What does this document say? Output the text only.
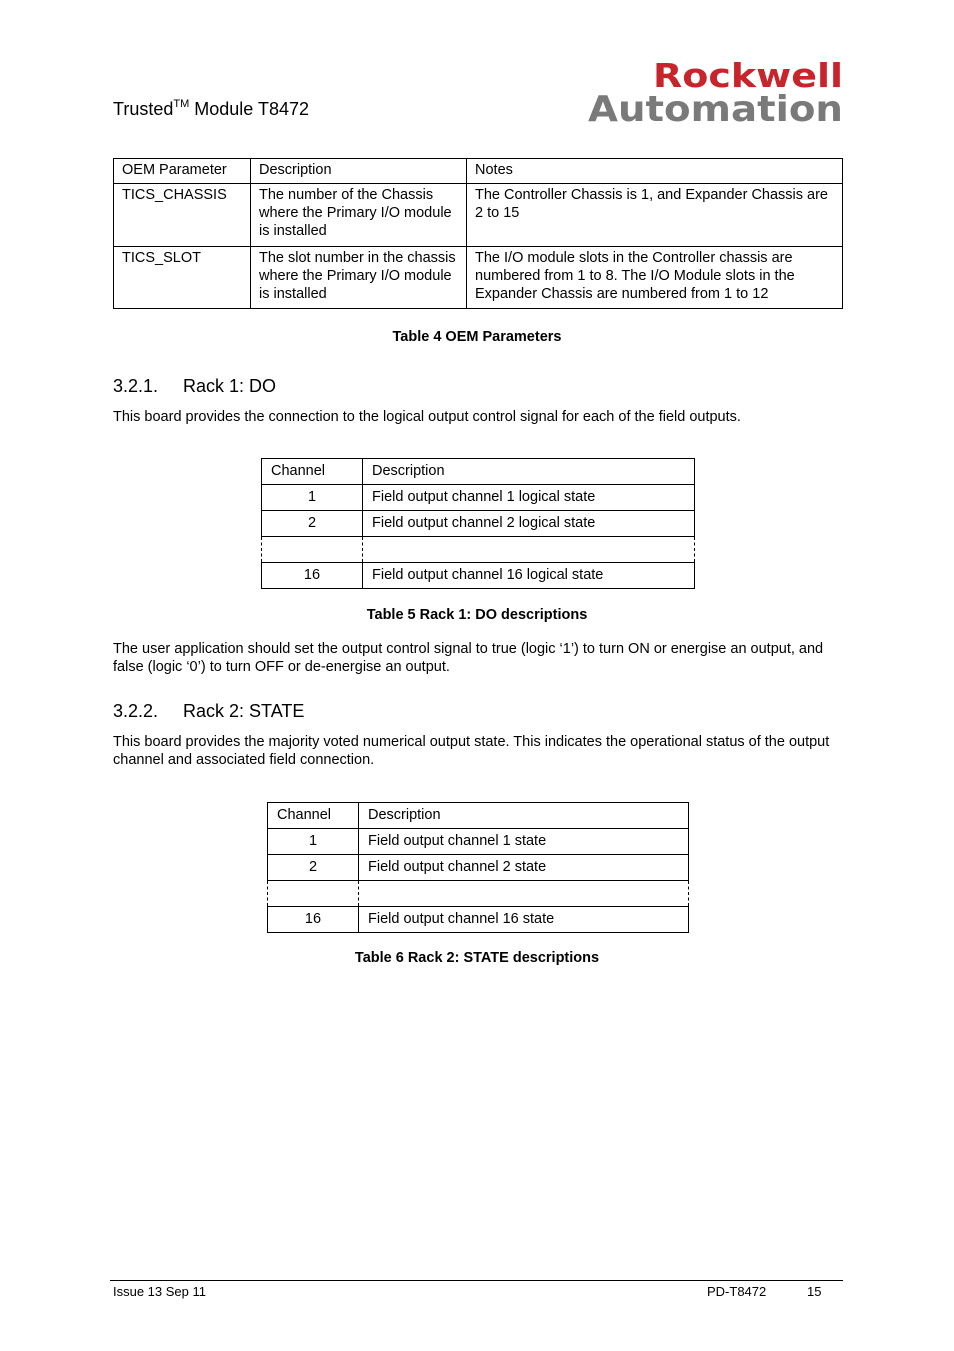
Trusted™ Module T8472
Rockwell
Automation
OEM Parameter	Description	Notes
TICS_CHASSIS	The number of the Chassis where the Primary I/O module is installed	The Controller Chassis is 1, and Expander Chassis are 2 to 15
TICS_SLOT	The slot number in the chassis where the Primary I/O module is installed	The I/O module slots in the Controller chassis are numbered from 1 to 8. The I/O Module slots in the Expander Chassis are numbered from 1 to 12
Table 4 OEM Parameters
3.2.1. Rack 1: DO
This board provides the connection to the logical output control signal for each of the field outputs.
Channel	Description
1	Field output channel 1 logical state
2	Field output channel 2 logical state

16	Field output channel 16 logical state
Table 5 Rack 1: DO descriptions
The user application should set the output control signal to true (logic ‘1’) to turn ON or energise an output, and false (logic ‘0’) to turn OFF or de-energise an output.
3.2.2. Rack 2: STATE
This board provides the majority voted numerical output state. This indicates the operational status of the output channel and associated field connection.
Channel	Description
1	Field output channel 1 state
2	Field output channel 2 state

16	Field output channel 16 state
Table 6 Rack 2: STATE descriptions
Issue 13 Sep 11	PD-T8472	15
